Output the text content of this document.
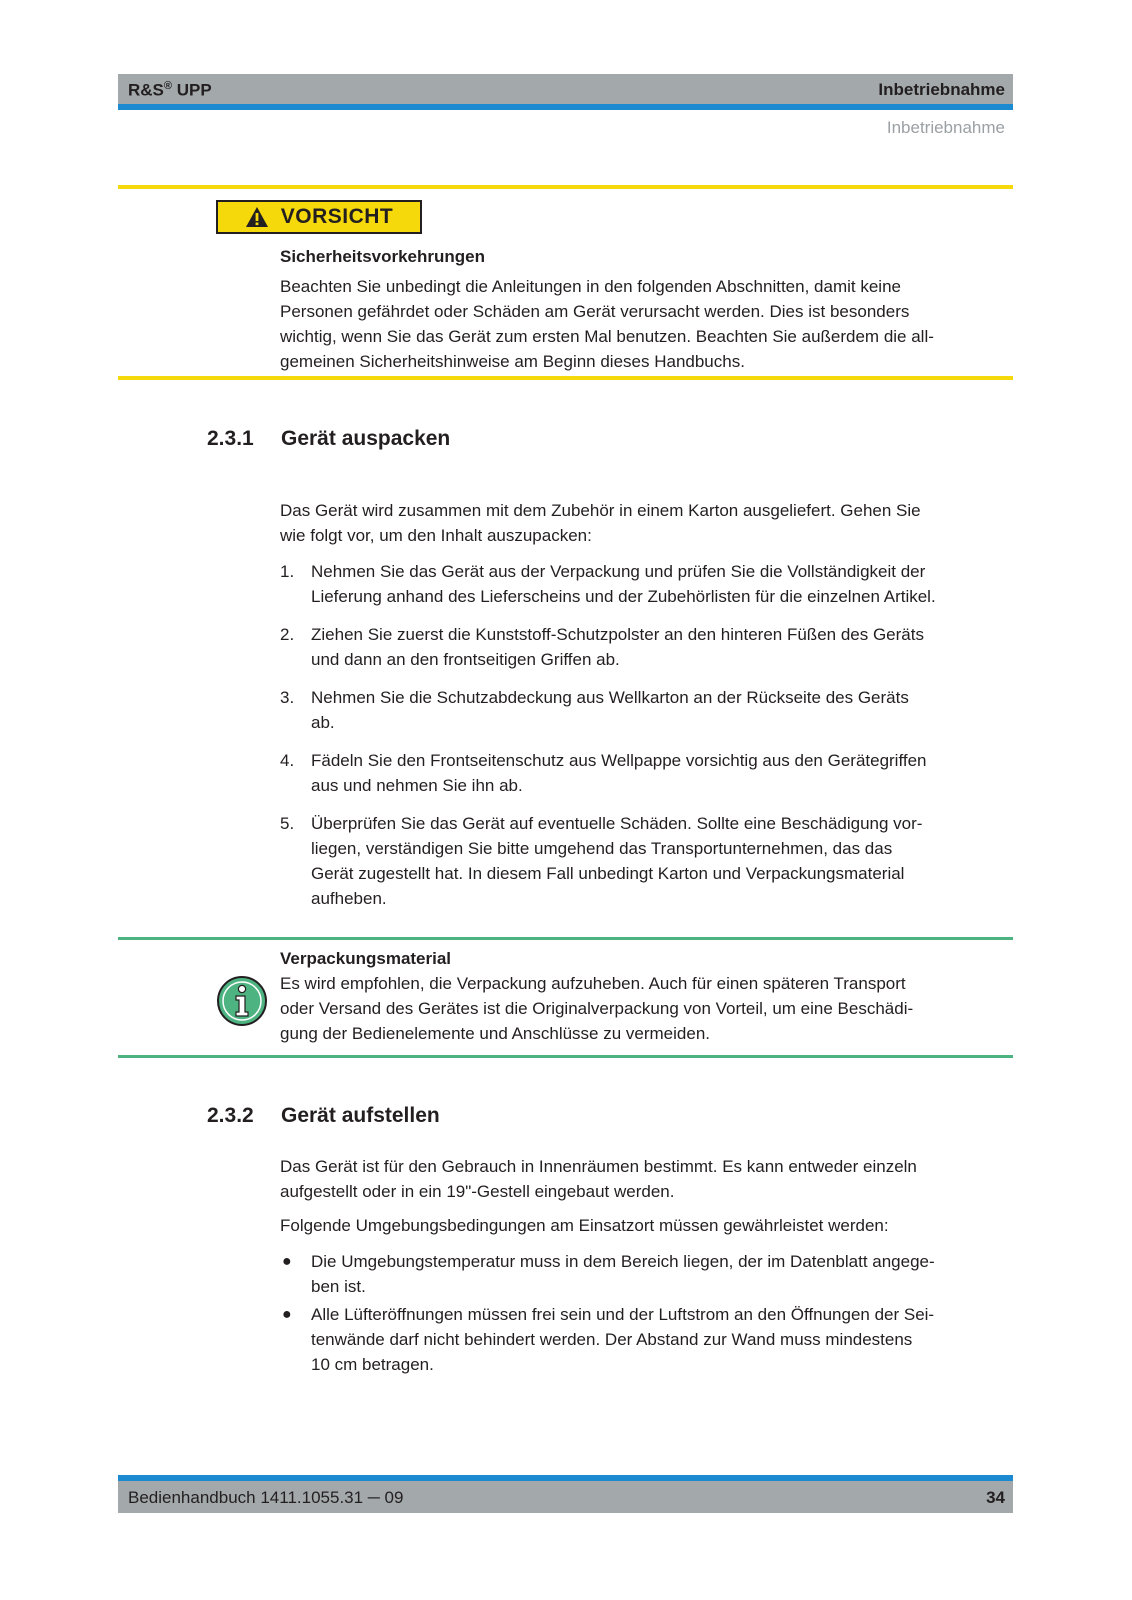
R&S® UPP	Inbetriebnahme
Inbetriebnahme
VORSICHT
Sicherheitsvorkehrungen
Beachten Sie unbedingt die Anleitungen in den folgenden Abschnitten, damit keine
Personen gefährdet oder Schäden am Gerät verursacht werden. Dies ist besonders
wichtig, wenn Sie das Gerät zum ersten Mal benutzen. Beachten Sie außerdem die all-
gemeinen Sicherheitshinweise am Beginn dieses Handbuchs.
2.3.1 Gerät auspacken
Das Gerät wird zusammen mit dem Zubehör in einem Karton ausgeliefert. Gehen Sie
wie folgt vor, um den Inhalt auszupacken:
1. Nehmen Sie das Gerät aus der Verpackung und prüfen Sie die Vollständigkeit der
Lieferung anhand des Lieferscheins und der Zubehörlisten für die einzelnen Artikel.
2. Ziehen Sie zuerst die Kunststoff-Schutzpolster an den hinteren Füßen des Geräts
und dann an den frontseitigen Griffen ab.
3. Nehmen Sie die Schutzabdeckung aus Wellkarton an der Rückseite des Geräts
ab.
4. Fädeln Sie den Frontseitenschutz aus Wellpappe vorsichtig aus den Gerätegriffen
aus und nehmen Sie ihn ab.
5. Überprüfen Sie das Gerät auf eventuelle Schäden. Sollte eine Beschädigung vor-
liegen, verständigen Sie bitte umgehend das Transportunternehmen, das das
Gerät zugestellt hat. In diesem Fall unbedingt Karton und Verpackungsmaterial
aufheben.
Verpackungsmaterial
Es wird empfohlen, die Verpackung aufzuheben. Auch für einen späteren Transport
oder Versand des Gerätes ist die Originalverpackung von Vorteil, um eine Beschädi-
gung der Bedienelemente und Anschlüsse zu vermeiden.
2.3.2 Gerät aufstellen
Das Gerät ist für den Gebrauch in Innenräumen bestimmt. Es kann entweder einzeln
aufgestellt oder in ein 19"-Gestell eingebaut werden.
Folgende Umgebungsbedingungen am Einsatzort müssen gewährleistet werden:
● Die Umgebungstemperatur muss in dem Bereich liegen, der im Datenblatt angege-
ben ist.
● Alle Lüfteröffnungen müssen frei sein und der Luftstrom an den Öffnungen der Sei-
tenwände darf nicht behindert werden. Der Abstand zur Wand muss mindestens
10 cm betragen.
Bedienhandbuch 1411.1055.31 ─ 09	34
